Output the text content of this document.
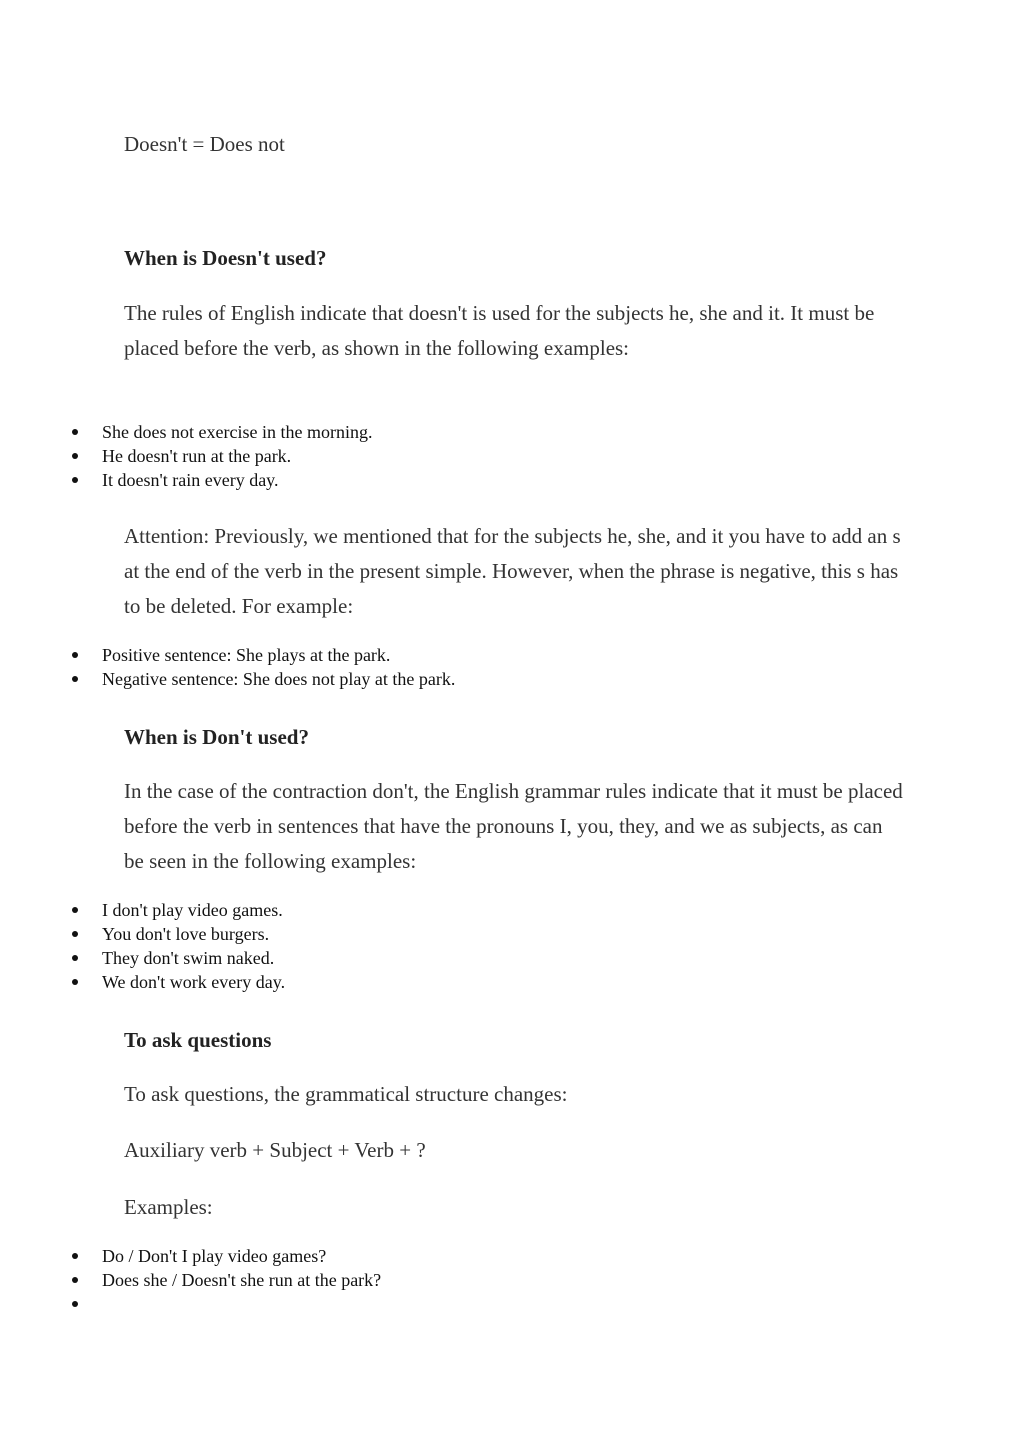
Doesn't = Does not

When is Doesn't used?

The rules of English indicate that doesn't is used for the subjects he, she and it. It must be placed before the verb, as shown in the following examples:

She does not exercise in the morning.
He doesn't run at the park.
It doesn't rain every day.

Attention: Previously, we mentioned that for the subjects he, she, and it you have to add an s at the end of the verb in the present simple. However, when the phrase is negative, this s has to be deleted. For example:

Positive sentence: She plays at the park.
Negative sentence: She does not play at the park.
When is Don't used?

In the case of the contraction don't, the English grammar rules indicate that it must be placed before the verb in sentences that have the pronouns I, you, they, and we as subjects, as can be seen in the following examples:

I don't play video games.
You don't love burgers.
They don't swim naked.
We don't work every day.
To ask questions

To ask questions, the grammatical structure changes:

Auxiliary verb + Subject + Verb + ?

Examples:

Do / Don't I play video games?
Does she / Doesn't she run at the park?
